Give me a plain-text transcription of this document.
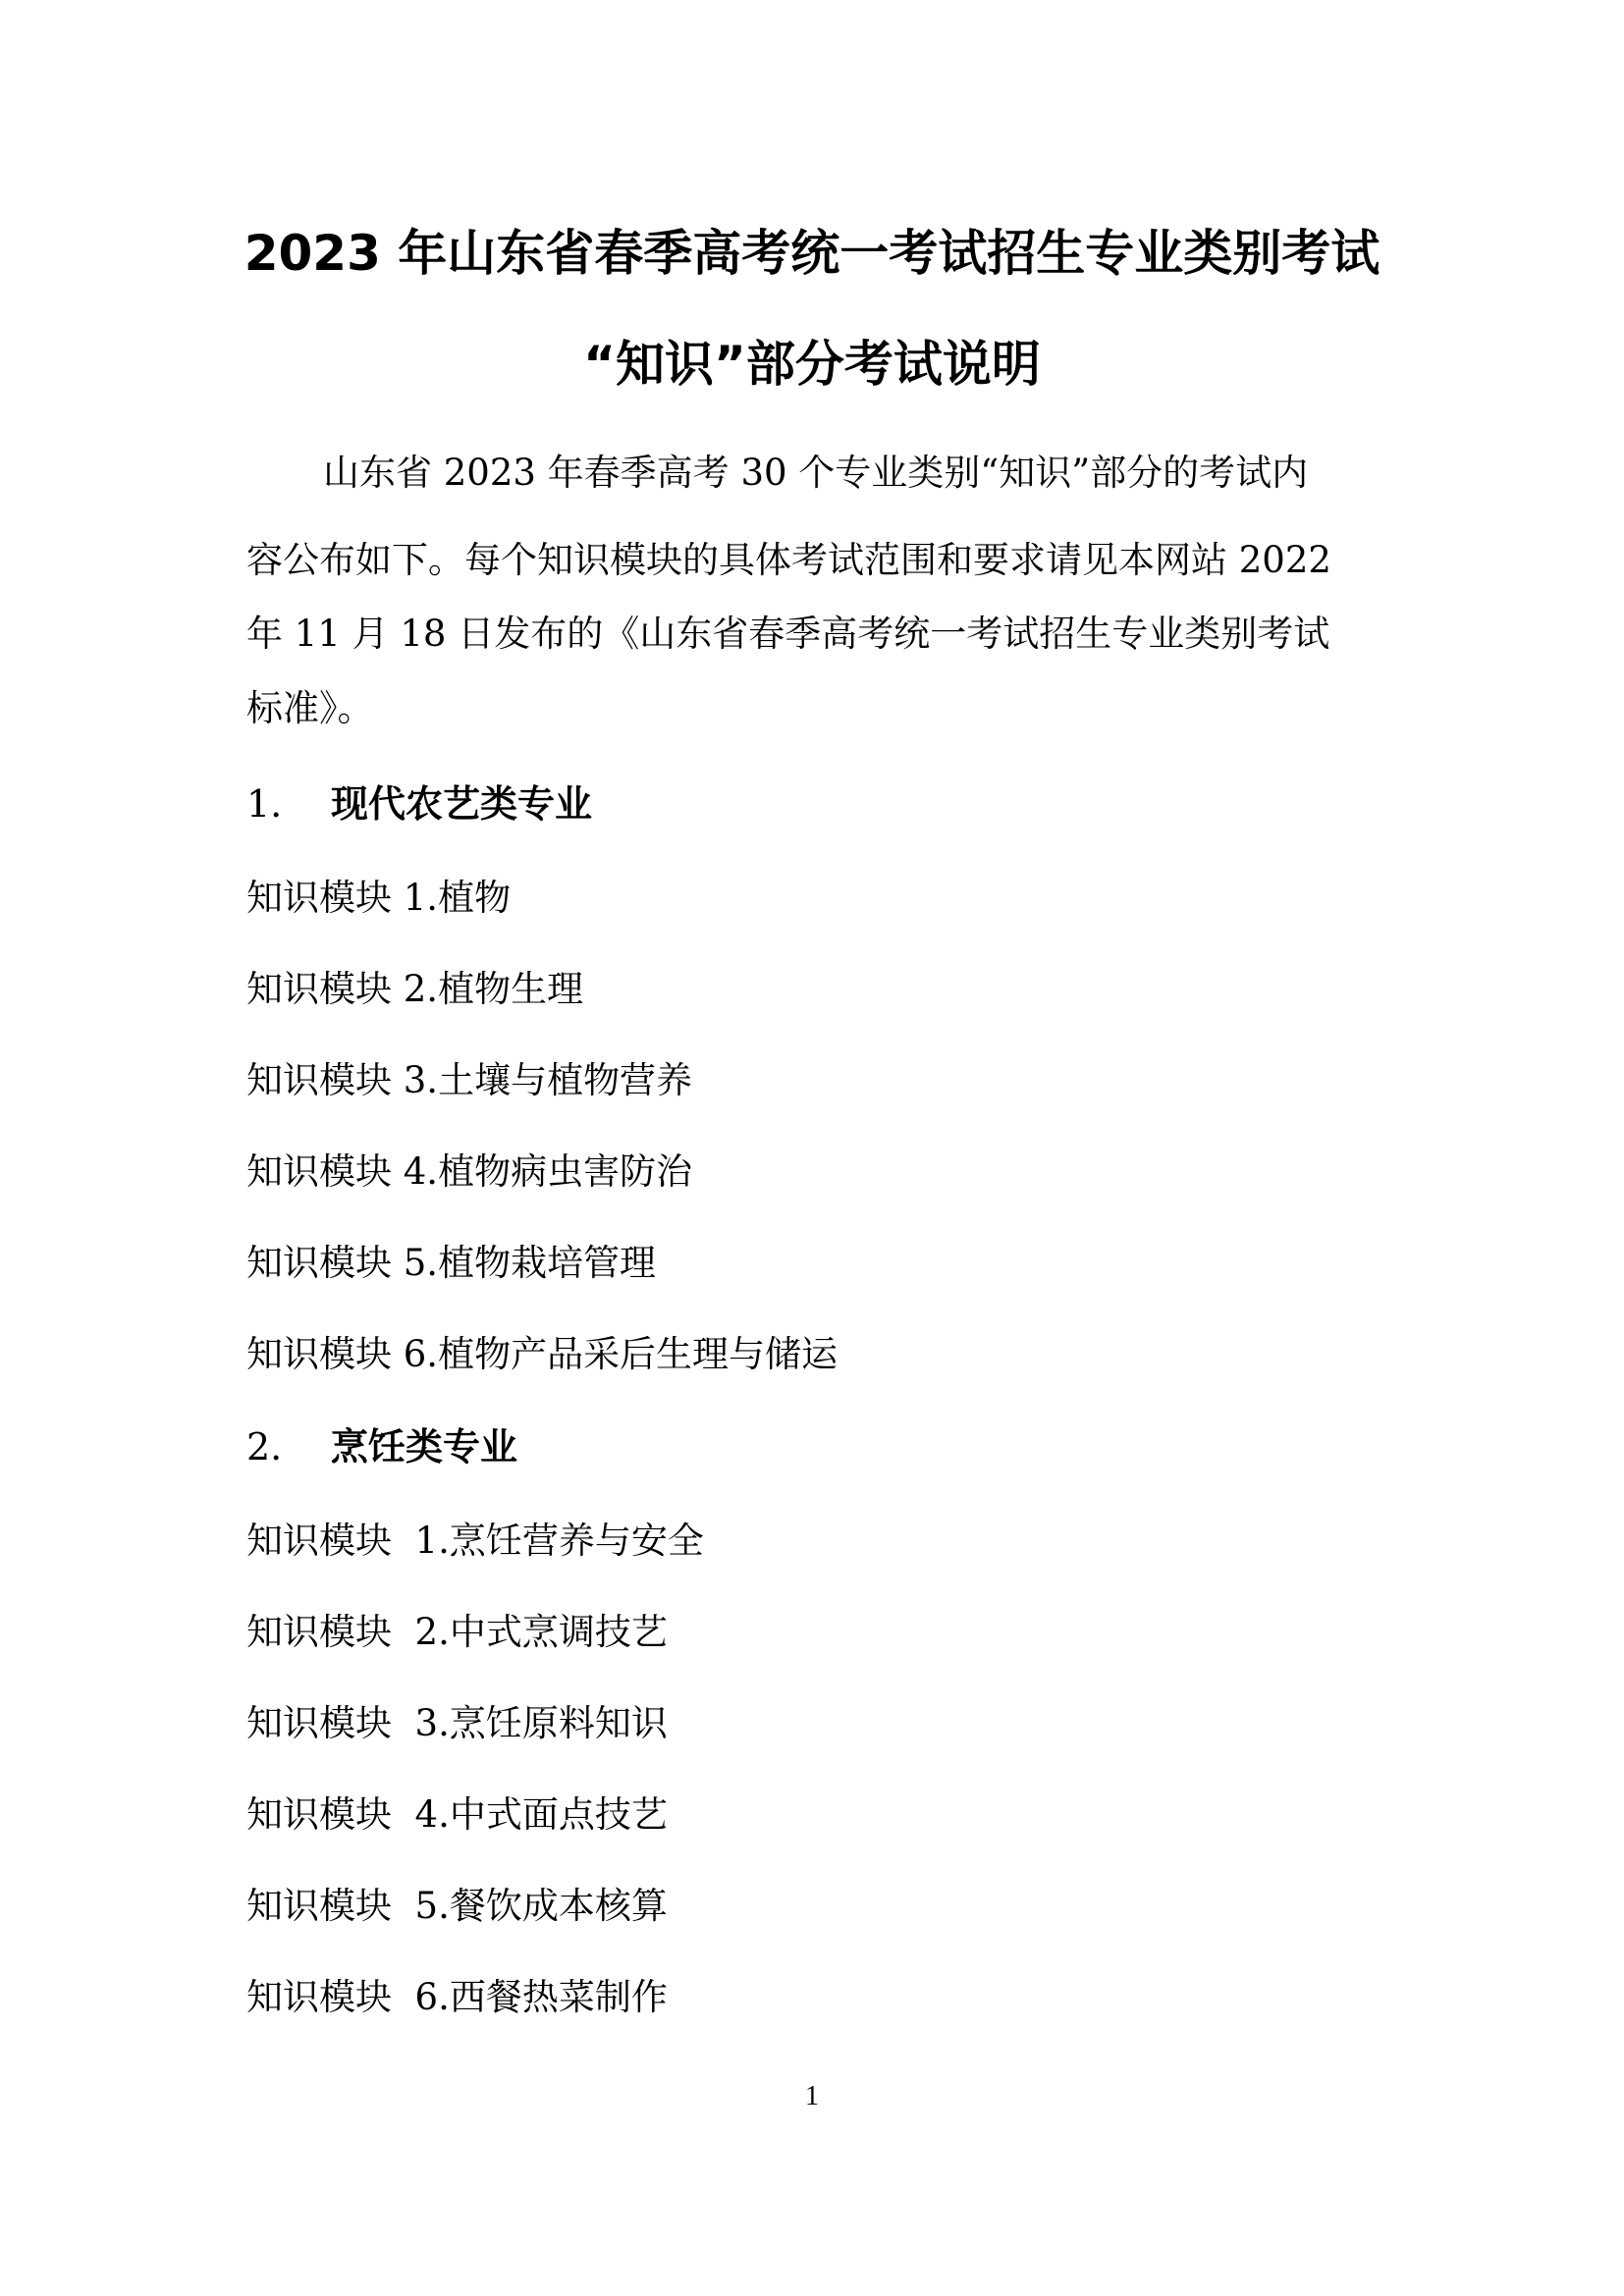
2023 年山东省春季高考统一考试招生专业类别考试
“知识”部分考试说明
山东省 2023 年春季高考 30 个专业类别“知识”部分的考试内
容公布如下。每个知识模块的具体考试范围和要求请见本网站 2022
年 11 月 18 日发布的《山东省春季高考统一考试招生专业类别考试
标准》。
1. 现代农艺类专业
知识模块 1.植物
知识模块 2.植物生理
知识模块 3.土壤与植物营养
知识模块 4.植物病虫害防治
知识模块 5.植物栽培管理
知识模块 6.植物产品采后生理与储运
2. 烹饪类专业
知识模块  1.烹饪营养与安全
知识模块  2.中式烹调技艺
知识模块  3.烹饪原料知识
知识模块  4.中式面点技艺
知识模块  5.餐饮成本核算
知识模块  6.西餐热菜制作
1
